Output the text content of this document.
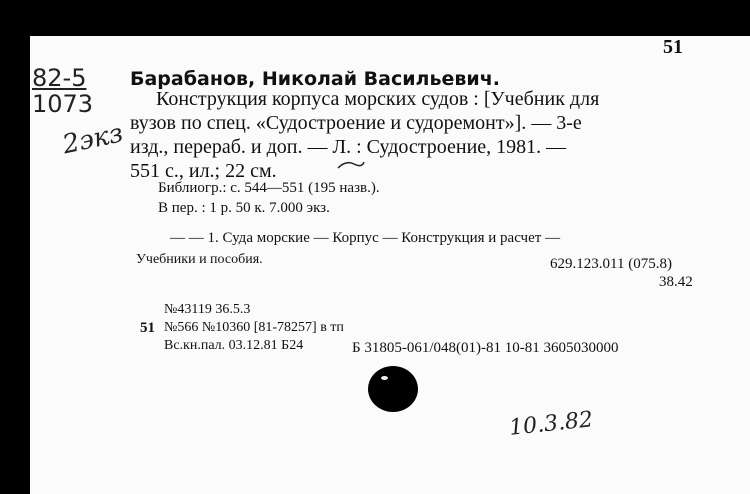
51
82-5
1073
2экз
Барабанов, Николай Васильевич.
Конструкция корпуса морских судов : [Учебник для
вузов по спец. «Судостроение и судоремонт»]. — 3-е
изд., перераб. и доп. — Л. : Судостроение, 1981. —
551 с., ил.; 22 см.
Библиогр.: с. 544—551 (195 назв.).
В пер. : 1 р. 50 к. 7.000 экз.
— — 1. Суда морские — Корпус — Конструкция и расчет —
Учебники и пособия.	629.123.011 (075.8)
38.42
№43119 36.5.3
51 №566 №10360 [81-78257] в тп
Вс.кн.пал. 03.12.81 Б24	Б 31805-061/048(01)-81 10-81 3605030000
10.3.82
